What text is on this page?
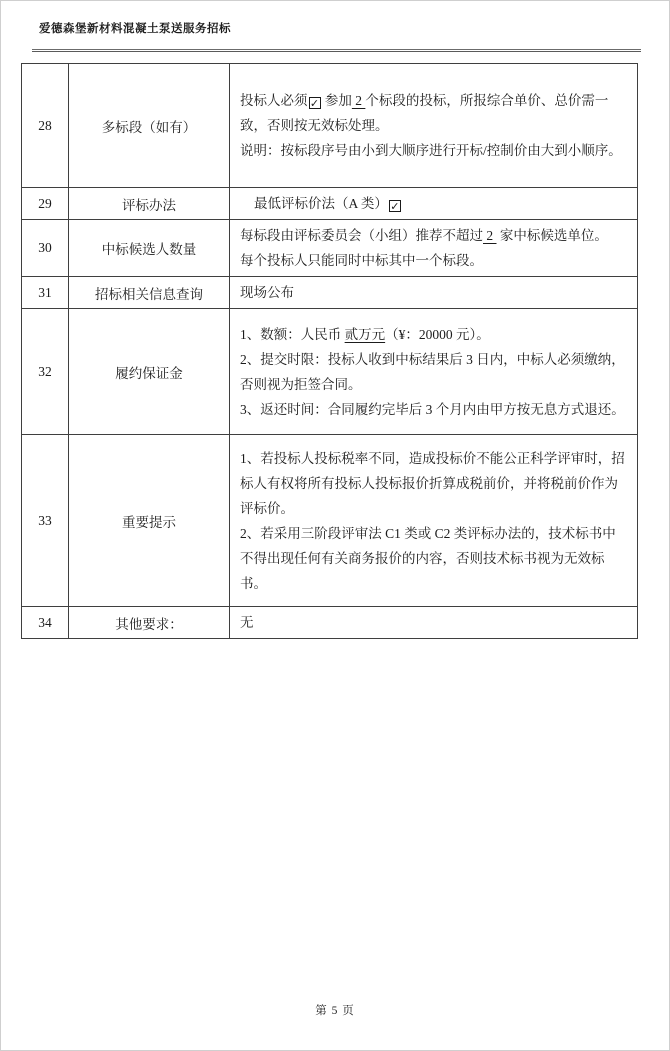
爱德森堡新材料混凝土泵送服务招标
28	多标段（如有）	投标人必须 ✓ 参加 2 个标段的投标，所报综合单价、总价需一致，否则按无效标处理。
说明：按标段序号由小到大顺序进行开标/控制价由大到小顺序。

29	评标办法	最低评标价法（A 类） ✓

30	中标候选人数量	每标段由评标委员会（小组）推荐不超过 2  家中标候选单位。
每个投标人只能同时中标其中一个标段。

31	招标相关信息查询	现场公布

32	履约保证金	1、数额：人民币 贰万元（¥：20000 元）。
2、提交时限：投标人收到中标结果后 3 日内，中标人必须缴纳，否则视为拒签合同。
3、返还时间：合同履约完毕后 3 个月内由甲方按无息方式退还。

33	重要提示	1、若投标人投标税率不同，造成投标价不能公正科学评审时，招标人有权将所有投标人投标报价折算成税前价，并将税前价作为评标价。
2、若采用三阶段评审法 C1 类或 C2 类评标办法的，技术标书中不得出现任何有关商务报价的内容，否则技术标书视为无效标书。

34	其他要求：	无
第 5 页
